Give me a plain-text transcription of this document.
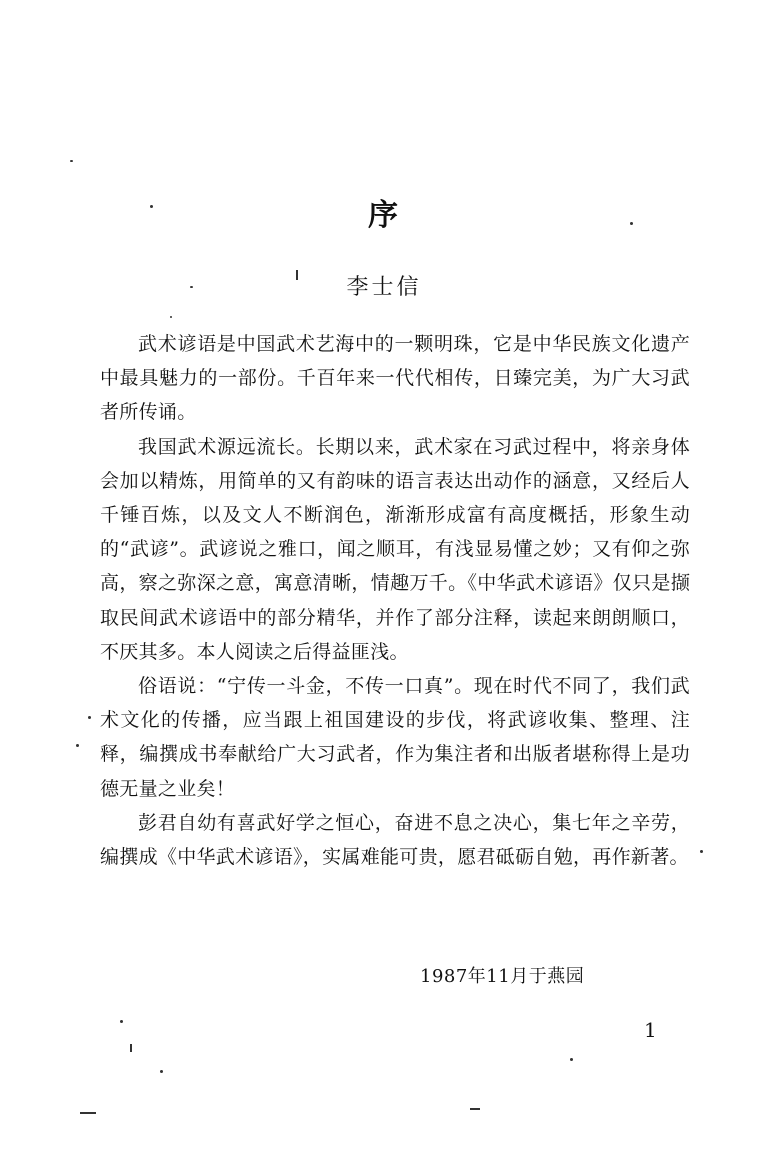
序
李士信

武术谚语是中国武术艺海中的一颗明珠，它是中华民族文化遗产中最具魅力的一部份。千百年来一代代相传，日臻完美，为广大习武者所传诵。

我国武术源远流长。长期以来，武术家在习武过程中，将亲身体会加以精炼，用简单的又有韵味的语言表达出动作的涵意，又经后人千锤百炼，以及文人不断润色，渐渐形成富有高度概括，形象生动的“武谚”。武谚说之雅口，闻之顺耳，有浅显易懂之妙；又有仰之弥高，察之弥深之意，寓意清晰，情趣万千。《中华武术谚语》仅只是撷取民间武术谚语中的部分精华，并作了部分注释，读起来朗朗顺口，不厌其多。本人阅读之后得益匪浅。

俗语说：“宁传一斗金，不传一口真”。现在时代不同了，我们武术文化的传播，应当跟上祖国建设的步伐，将武谚收集、整理、注释，编撰成书奉献给广大习武者，作为集注者和出版者堪称得上是功德无量之业矣！

彭君自幼有喜武好学之恒心，奋进不息之决心，集七年之辛劳，编撰成《中华武术谚语》，实属难能可贵，愿君砥砺自勉，再作新著。

1987年11月于燕园
1
